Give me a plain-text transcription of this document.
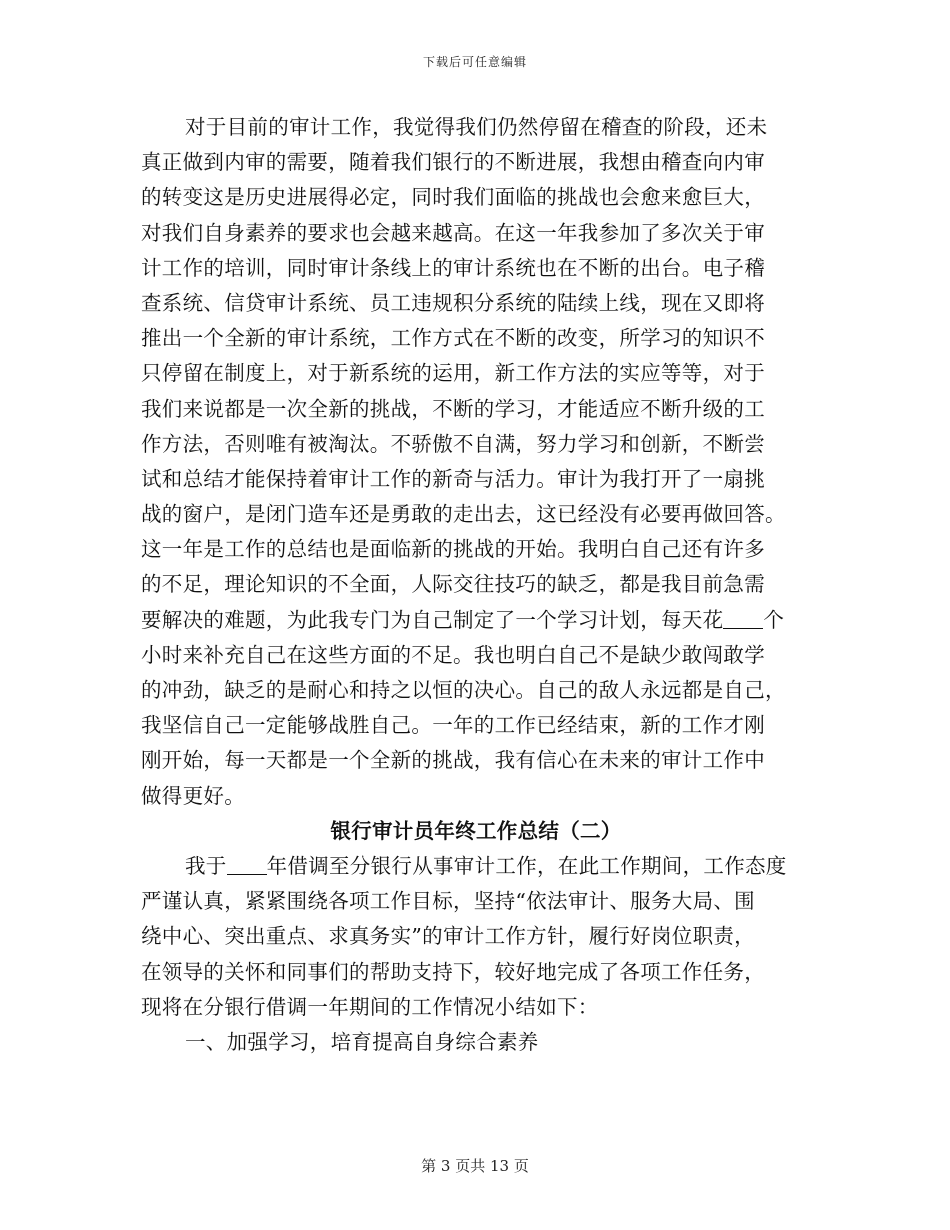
下载后可任意编辑
对于目前的审计工作，我觉得我们仍然停留在稽查的阶段，还未
真正做到内审的需要，随着我们银行的不断进展，我想由稽查向内审
的转变这是历史进展得必定，同时我们面临的挑战也会愈来愈巨大，
对我们自身素养的要求也会越来越高。在这一年我参加了多次关于审
计工作的培训，同时审计条线上的审计系统也在不断的出台。电子稽
查系统、信贷审计系统、员工违规积分系统的陆续上线，现在又即将
推出一个全新的审计系统，工作方式在不断的改变，所学习的知识不
只停留在制度上，对于新系统的运用，新工作方法的实应等等，对于
我们来说都是一次全新的挑战，不断的学习，才能适应不断升级的工
作方法，否则唯有被淘汰。不骄傲不自满，努力学习和创新，不断尝
试和总结才能保持着审计工作的新奇与活力。审计为我打开了一扇挑
战的窗户，是闭门造车还是勇敢的走出去，这已经没有必要再做回答。
这一年是工作的总结也是面临新的挑战的开始。我明白自己还有许多
的不足，理论知识的不全面，人际交往技巧的缺乏，都是我目前急需
要解决的难题，为此我专门为自己制定了一个学习计划，每天花 个
小时来补充自己在这些方面的不足。我也明白自己不是缺少敢闯敢学
的冲劲，缺乏的是耐心和持之以恒的决心。自己的敌人永远都是自己，
我坚信自己一定能够战胜自己。一年的工作已经结束，新的工作才刚
刚开始，每一天都是一个全新的挑战，我有信心在未来的审计工作中
做得更好。
银行审计员年终工作总结（二）
我于 年借调至分银行从事审计工作，在此工作期间，工作态度
严谨认真，紧紧围绕各项工作目标，坚持“依法审计、服务大局、围
绕中心、突出重点、求真务实”的审计工作方针，履行好岗位职责，
在领导的关怀和同事们的帮助支持下，较好地完成了各项工作任务，
现将在分银行借调一年期间的工作情况小结如下：
一、加强学习，培育提高自身综合素养
第 3 页共 13 页
